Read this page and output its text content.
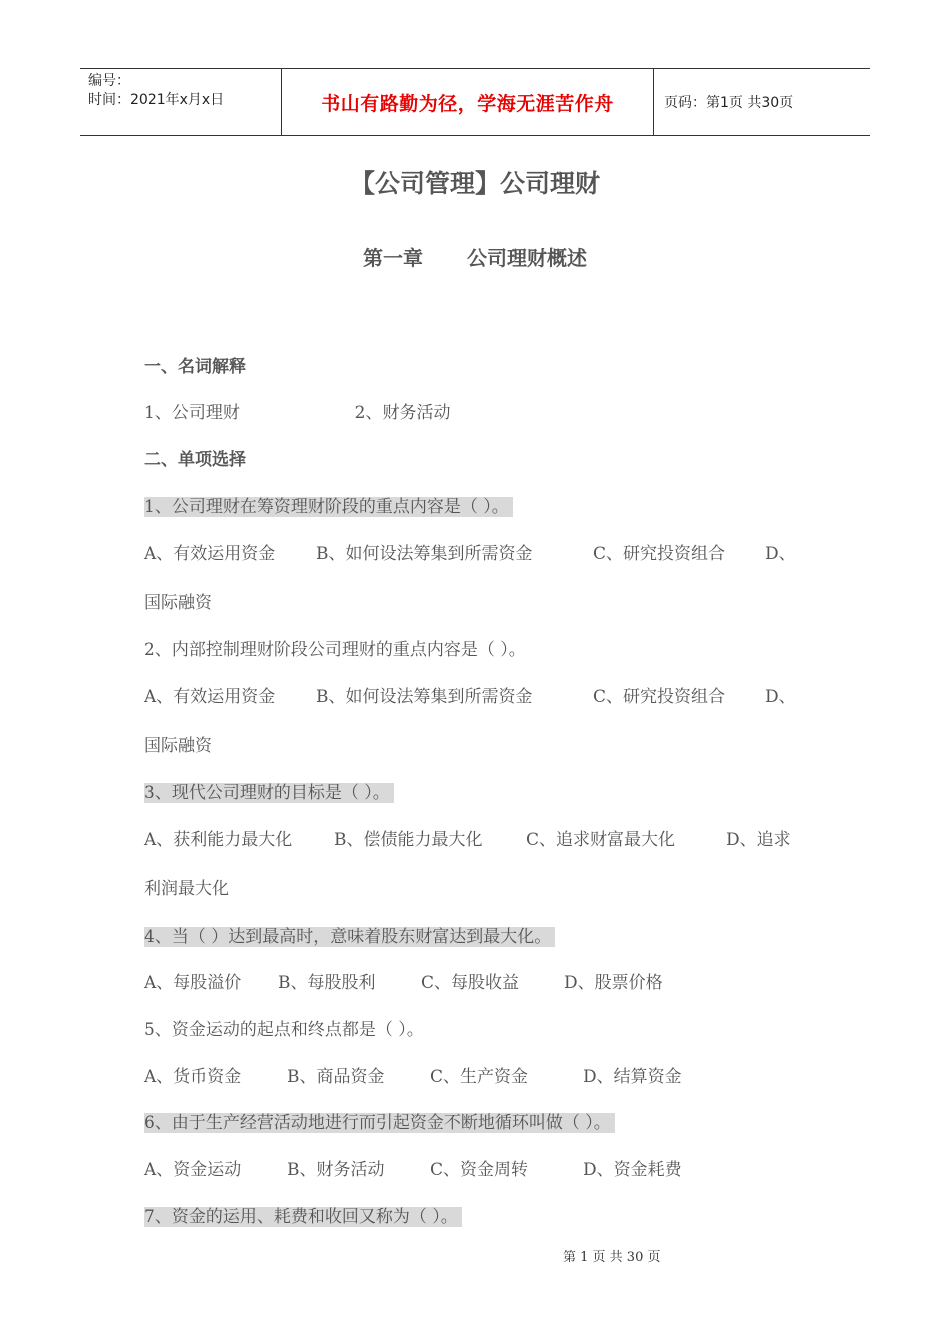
编号：
时间：2021年x月x日	书山有路勤为径，学海无涯苦作舟	页码：第1页 共30页
【公司管理】公司理财
第一章 公司理财概述
一、名词解释
1、公司理财	2、财务活动
二、单项选择
1、公司理财在筹资理财阶段的重点内容是（ ）。
A、有效运用资金 B、如何设法筹集到所需资金	C、研究投资组合 D、
国际融资
2、内部控制理财阶段公司理财的重点内容是（ ）。
A、有效运用资金 B、如何设法筹集到所需资金	C、研究投资组合 D、
国际融资
3、现代公司理财的目标是（ ）。
A、获利能力最大化 B、偿债能力最大化	C、追求财富最大化	D、追求
利润最大化
4、当（ ）达到最高时，意味着股东财富达到最大化。
A、每股溢价 B、每股股利	C、每股收益	D、股票价格
5、资金运动的起点和终点都是（ ）。
A、货币资金	B、商品资金	C、生产资金	D、结算资金
6、由于生产经营活动地进行而引起资金不断地循环叫做（ ）。
A、资金运动	B、财务活动	C、资金周转	D、资金耗费
7、资金的运用、耗费和收回又称为（ ）。
第 1 页 共 30 页
